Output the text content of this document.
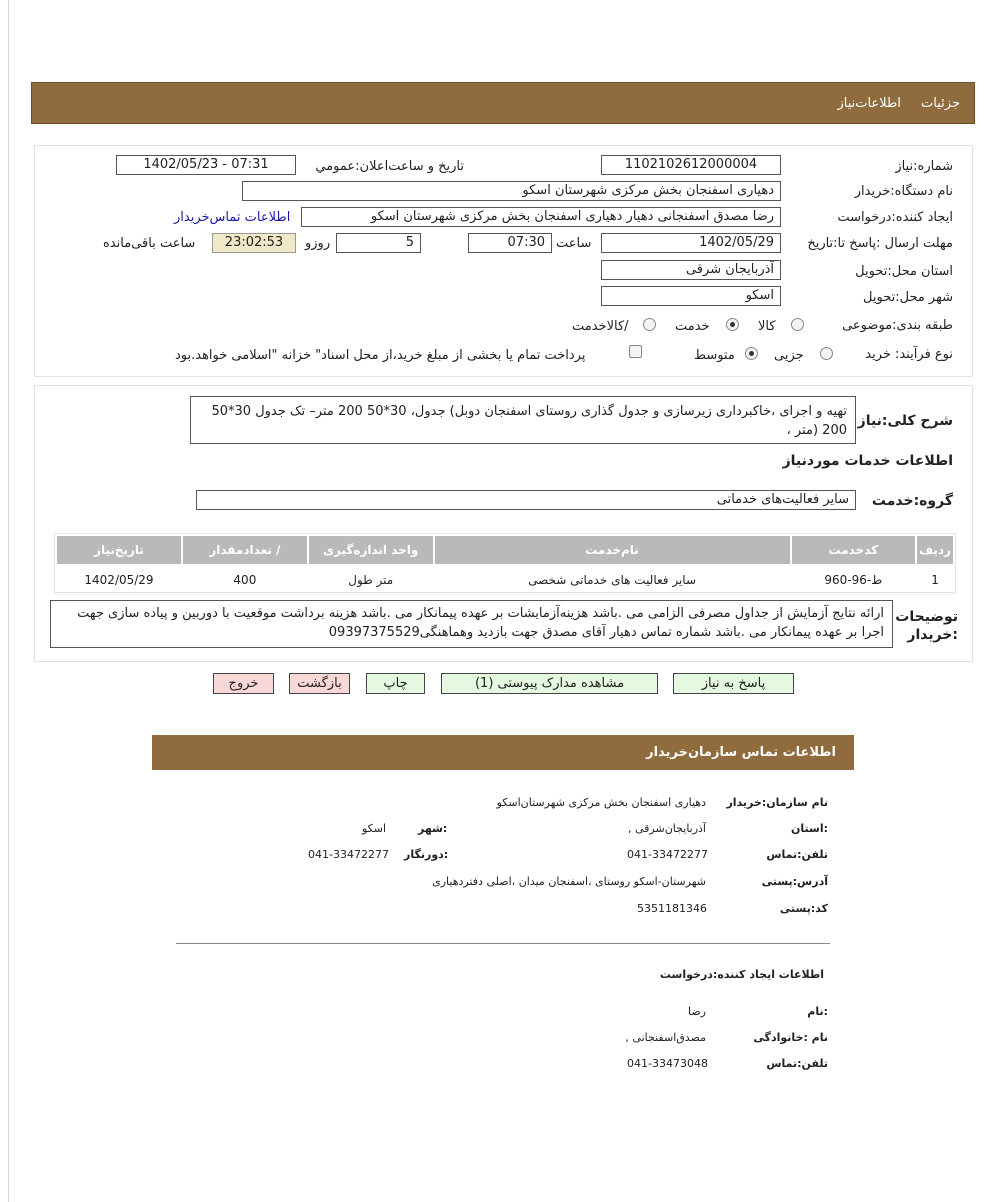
جزئیات اطلاعات‌نیاز
شماره:نیاز
1102102612000004
تاریخ و ساعت‌اعلان:عمومي
1402/05/23 - 07:31
نام دستگاه:خریدار
دهیاری اسفنجان بخش مرکزی شهرستان اسکو
ایجاد کننده:درخواست
رضا مصدق اسفنجانی دهیار دهیاری اسفنجان بخش مرکزی شهرستان اسکو
اطلاعات تماس‌خریدار
مهلت ارسال :پاسخ تا:تاریخ
1402/05/29
ساعت
07:30
5
روزو
23:02:53
ساعت باقی‌مانده
استان محل:تحویل
آذربایجان شرقی
شهر محل:تحویل
اسکو
طبقه بندی:موضوعی
کالا
خدمت
/کالاخدمت
نوع فرآیند: خرید
جزیی
متوسط
پرداخت تمام یا بخشی از مبلغ خرید،از محل اسناد" خزانه "اسلامی خواهد.بود
شرح کلی:نیاز
تهیه و اجرای ،خاکبرداری زیرسازی و جدول گذاری روستای اسفنجان دوبل) جدول، 30*50 200 متر– تک جدول 30*50 200 (متر ،
اطلاعات خدمات موردنیاز
گروه:خدمت
سایر فعالیت‌های خدماتی
ردیف	کدخدمت	نام‌خدمت	واحد اندازه‌گیری	/ تعدادمقدار	تاریخ‌نیاز
1	ط-96-960	سایر فعالیت های خدماتی شخصی	متر طول	400	1402/05/29
توضیحات :خریدار
ارائه نتایج آزمایش از جداول مصرفی الزامی می .باشد هزینه‌آزمایشات بر عهده پیمانکار می .باشد هزینه برداشت موقعیت با دوربین و پیاده سازی جهت اجرا بر عهده پیمانکار می .باشد شماره تماس دهیار آقای مصدق جهت بازدید وهماهنگی09397375529
پاسخ به نیاز
مشاهده مدارک پیوستی (1)
چاپ
بازگشت
خروج
اطلاعات تماس سازمان‌خریدار
نام سازمان:خریدار
دهیاری اسفنجان بخش مرکزی شهرستان‌اسکو
:استان
آذربایجان‌شرقی ,
:شهر
اسکو
تلفن:تماس
041-33472277
:دورنگار
041-33472277
آدرس:پستی
شهرستان-اسکو روستای ،اسفنجان میدان ،اصلی دفتردهیاری
کد:پستی
5351181346
اطلاعات ایجاد کننده:درخواست
:نام
رضا
نام :خانوادگی
مصدق‌اسفنجانی ,
تلفن:تماس
041-33473048
